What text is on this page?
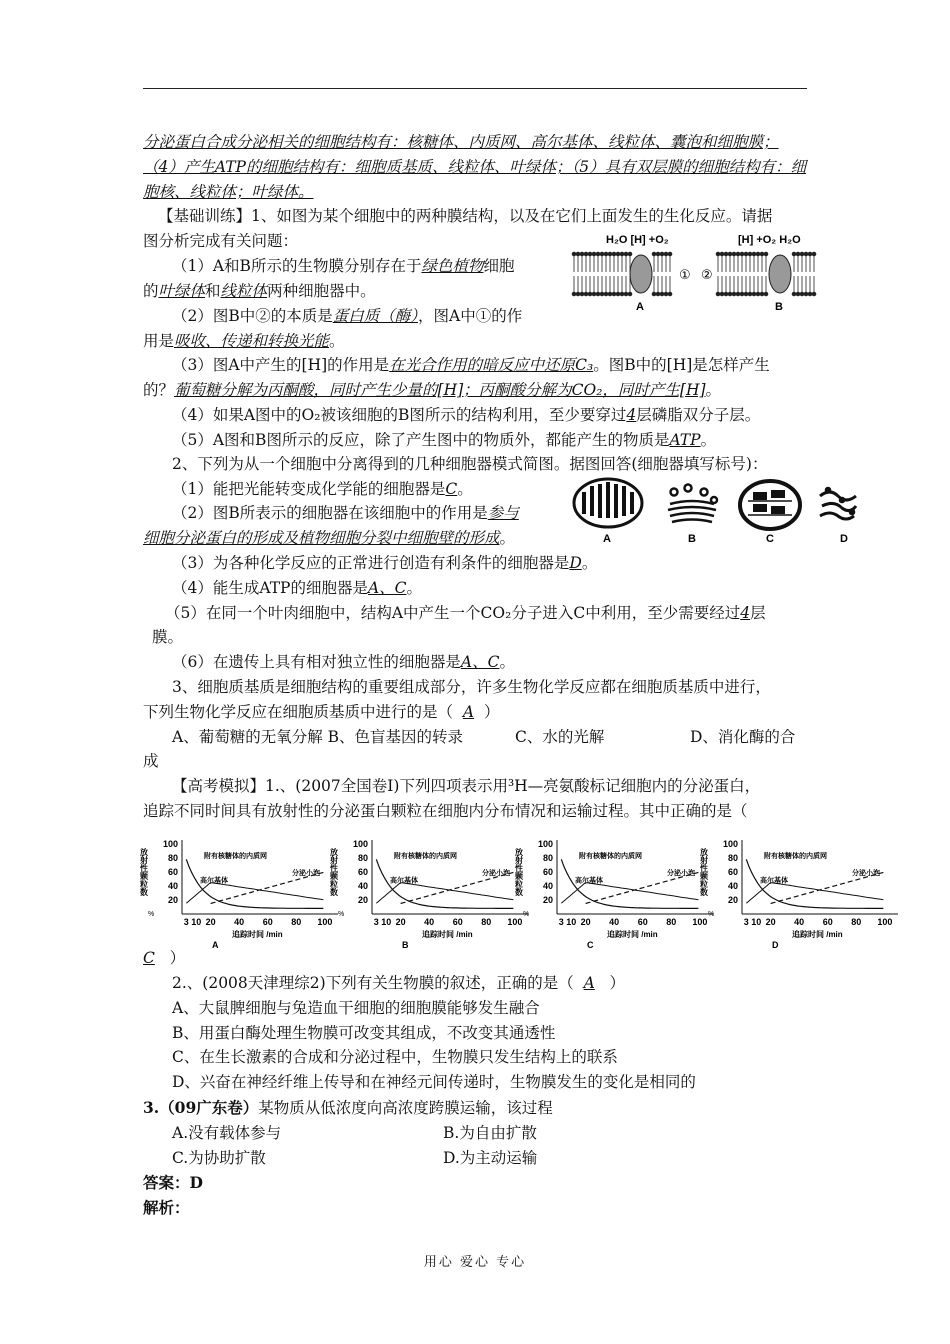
分泌蛋白合成分泌相关的细胞结构有：核糖体、内质网、高尔基体、线粒体、囊泡和细胞膜；
（4）产生ATP的细胞结构有：细胞质基质、线粒体、叶绿体；（5）具有双层膜的细胞结构有：细
胞核、线粒体；叶绿体。
【基础训练】1、如图为某个细胞中的两种膜结构，以及在它们上面发生的生化反应。请据
图分析完成有关问题：
（1）A和B所示的生物膜分别存在于绿色植物细胞
的叶绿体和线粒体两种细胞器中。
（2）图B中②的本质是蛋白质（酶），图A中①的作
用是吸收、传递和转换光能。
（3）图A中产生的[H]的作用是在光合作用的暗反应中还原C₃。图B中的[H]是怎样产生
的？葡萄糖分解为丙酮酸，同时产生少量的[H]；丙酮酸分解为CO₂，同时产生[H]。
（4）如果A图中的O₂被该细胞的B图所示的结构利用，至少要穿过4层磷脂双分子层。
（5）A图和B图所示的反应，除了产生图中的物质外，都能产生的物质是ATP。
H₂O [H] +O₂	[H] +O₂ H₂O
① ②
A	B
2、下列为从一个细胞中分离得到的几种细胞器模式简图。据图回答(细胞器填写标号)：
（1）能把光能转变成化学能的细胞器是C。
（2）图B所表示的细胞器在该细胞中的作用是参与
细胞分泌蛋白的形成及植物细胞分裂中细胞壁的形成。
（3）为各种化学反应的正常进行创造有利条件的细胞器是D。
（4）能生成ATP的细胞器是A、C。
（5）在同一个叶肉细胞中，结构A中产生一个CO₂分子进入C中利用，至少需要经过4层
膜。
（6）在遗传上具有相对独立性的细胞器是A、C。
A	B	C	D
3、细胞质基质是细胞结构的重要组成部分，许多生物化学反应都在细胞质基质中进行，
下列生物化学反应在细胞质基质中进行的是（ A ）
A、葡萄糖的无氧分解 B、色盲基因的转录	C、水的光解	D、消化酶的合
成
【高考模拟】1.、(2007全国卷Ⅰ)下列四项表示用³H—亮氨酸标记细胞内的分泌蛋白，
追踪不同时间具有放射性的分泌蛋白颗粒在细胞内分布情况和运输过程。其中正确的是（
放射性颗粒数
%
100
80
60
40
20
3 10 20 40 60 80 100
追踪时间 /min
A
附有核糖体的内质网
高尔基体
分泌小泡 放射性颗粒数
%
100
80
60
40
20
3 10 20 40 60 80 100
追踪时间 /min
B
附有核糖体的内质网
高尔基体
分泌小泡 放射性颗粒数
%
100
80
60
40
20
3 10 20 40 60 80 100
追踪时间 /min
C
附有核糖体的内质网
高尔基体
分泌小泡 放射性颗粒数
%
100
80
60
40
20
3 10 20 40 60 80 100
追踪时间 /min
D
附有核糖体的内质网
高尔基体
分泌小泡
C ）
2.、(2008天津理综2)下列有关生物膜的叙述，正确的是（ A ）
A、大鼠脾细胞与兔造血干细胞的细胞膜能够发生融合
B、用蛋白酶处理生物膜可改变其组成，不改变其通透性
C、在生长激素的合成和分泌过程中，生物膜只发生结构上的联系
D、兴奋在神经纤维上传导和在神经元间传递时，生物膜发生的变化是相同的
3.（09广东卷）某物质从低浓度向高浓度跨膜运输，该过程
A.没有载体参与	B.为自由扩散
C.为协助扩散	D.为主动运输
答案：D
解析：
用心 爱心 专心
